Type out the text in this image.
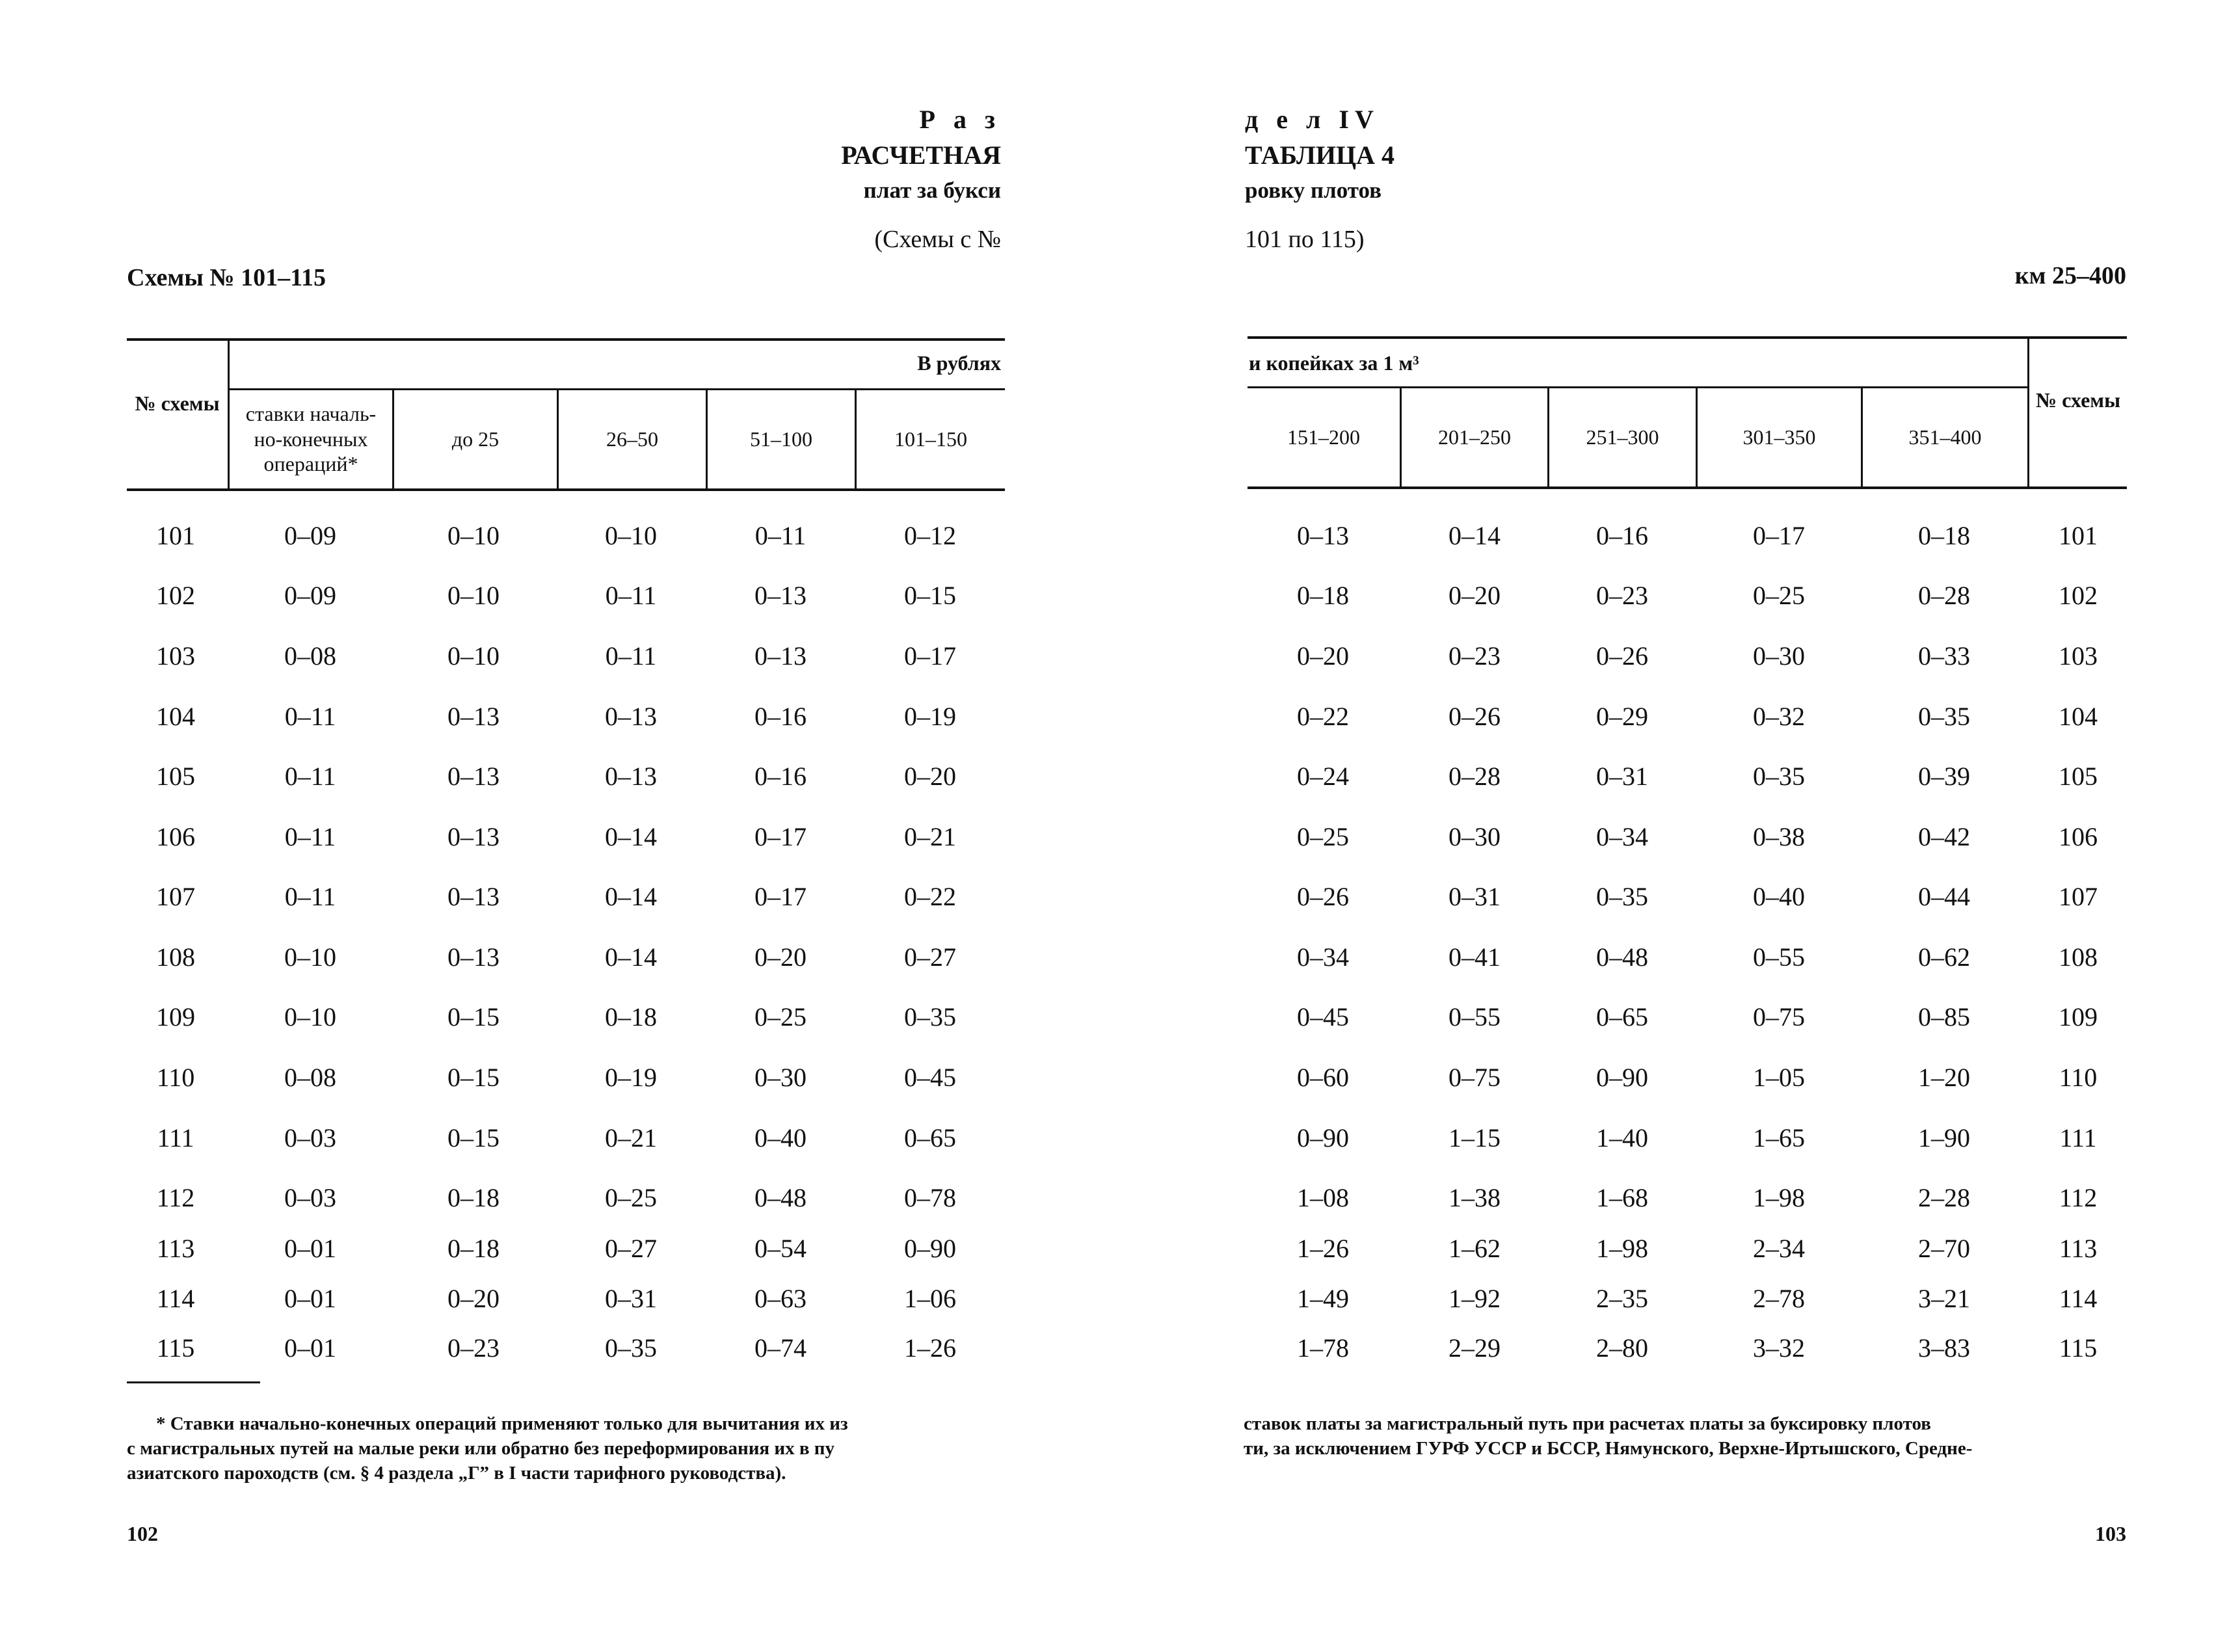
Р а з
РАСЧЕТНАЯ
плат за букси
(Схемы с №
д е л IV
ТАБЛИЦА 4
ровку плотов
101 по 115)
Схемы № 101–115	км 25–400
№ схемы
В рублях
ставки началь-но-конечных операций*
до 25	26–50	51–100	101–150
и копейках за 1 м³
151–200	201–250	251–300	301–350	351–400
№ схемы
101	0–09	0–10	0–10	0–11	0–12	0–13	0–14	0–16	0–17	0–18	101
102	0–09	0–10	0–11	0–13	0–15	0–18	0–20	0–23	0–25	0–28	102
103	0–08	0–10	0–11	0–13	0–17	0–20	0–23	0–26	0–30	0–33	103
104	0–11	0–13	0–13	0–16	0–19	0–22	0–26	0–29	0–32	0–35	104
105	0–11	0–13	0–13	0–16	0–20	0–24	0–28	0–31	0–35	0–39	105
106	0–11	0–13	0–14	0–17	0–21	0–25	0–30	0–34	0–38	0–42	106
107	0–11	0–13	0–14	0–17	0–22	0–26	0–31	0–35	0–40	0–44	107
108	0–10	0–13	0–14	0–20	0–27	0–34	0–41	0–48	0–55	0–62	108
109	0–10	0–15	0–18	0–25	0–35	0–45	0–55	0–65	0–75	0–85	109
110	0–08	0–15	0–19	0–30	0–45	0–60	0–75	0–90	1–05	1–20	110
111	0–03	0–15	0–21	0–40	0–65	0–90	1–15	1–40	1–65	1–90	111
112	0–03	0–18	0–25	0–48	0–78	1–08	1–38	1–68	1–98	2–28	112
113	0–01	0–18	0–27	0–54	0–90	1–26	1–62	1–98	2–34	2–70	113
114	0–01	0–20	0–31	0–63	1–06	1–49	1–92	2–35	2–78	3–21	114
115	0–01	0–23	0–35	0–74	1–26	1–78	2–29	2–80	3–32	3–83	115
* Ставки начально-конечных операций применяют только для вычитания их из
с магистральных путей на малые реки или обратно без переформирования их в пу
азиатского пароходств (см. § 4 раздела „Г” в I части тарифного руководства).
ставок платы за магистральный путь при расчетах платы за буксировку плотов
ти, за исключением ГУРФ УССР и БССР, Нямунского, Верхне-Иртышского, Средне-
102	103
